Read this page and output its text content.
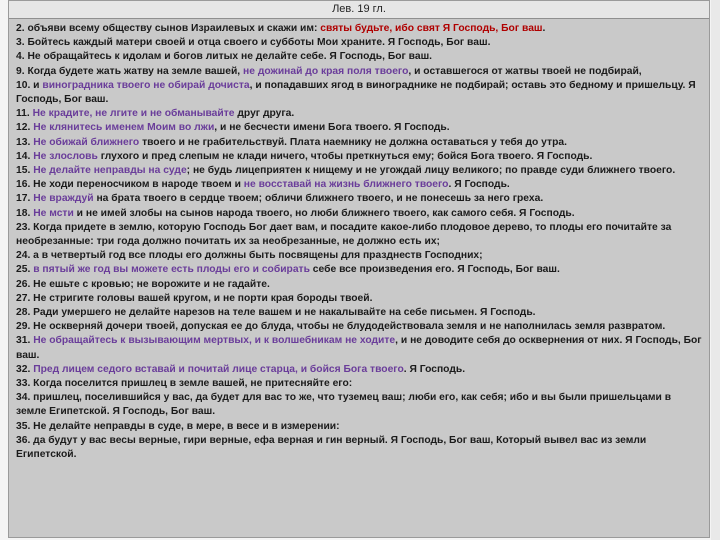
Лев. 19 гл.

2. объяви всему обществу сынов Израилевых и скажи им: святы будьте, ибо свят Я Господь, Бог ваш.

3. Бойтесь каждый матери своей и отца своего и субботы Мои храните. Я Господь, Бог ваш.

4. Не обращайтесь к идолам и богов литых не делайте себе. Я Господь, Бог ваш.

9. Когда будете жать жатву на земле вашей, не дожинай до края поля твоего, и оставшегося от жатвы твоей не подбирай,

10. и виноградника твоего не обирай дочиста, и попадавших ягод в винограднике не подбирай; оставь это бедному и пришельцу. Я Господь, Бог ваш.

11. Не крадите, не лгите и не обманывайте друг друга.

12. Не клянитесь именем Моим во лжи, и не бесчести имени Бога твоего. Я Господь.

13. Не обижай ближнего твоего и не грабительствуй. Плата наемнику не должна оставаться у тебя до утра.

14. Не злословь глухого и пред слепым не клади ничего, чтобы преткнуться ему; бойся Бога твоего. Я Господь.

15. Не делайте неправды на суде; не будь лицеприятен к нищему и не угождай лицу великого; по правде суди ближнего твоего.

16. Не ходи переносчиком в народе твоем и не восставай на жизнь ближнего твоего. Я Господь.

17. Не враждуй на брата твоего в сердце твоем; обличи ближнего твоего, и не понесешь за него греха.

18. Не мсти и не имей злобы на сынов народа твоего, но люби ближнего твоего, как самого себя. Я Господь.

23. Когда придете в землю, которую Господь Бог дает вам, и посадите какое-либо плодовое дерево, то плоды его почитайте за необрезанные: три года должно почитать их за необрезанные, не должно есть их;

24. а в четвертый год все плоды его должны быть посвящены для празднеств Господних;

25. в пятый же год вы можете есть плоды его и собирать себе все произведения его. Я Господь, Бог ваш.

26. Не ешьте с кровью; не ворожите и не гадайте.

27. Не стригите головы вашей кругом, и не порти края бороды твоей.

28. Ради умершего не делайте нарезов на теле вашем и не накалывайте на себе письмен. Я Господь.

29. Не оскверняй дочери твоей, допуская ее до блуда, чтобы не блудодействовала земля и не наполнилась земля развратом.

31. Не обращайтесь к вызывающим мертвых, и к волшебникам не ходите, и не доводите себя до осквернения от них. Я Господь, Бог ваш.

32. Пред лицем седого вставай и почитай лице старца, и бойся Бога твоего. Я Господь.

33. Когда поселится пришлец в земле вашей, не притесняйте его:

34. пришлец, поселившийся у вас, да будет для вас то же, что туземец ваш; люби его, как себя; ибо и вы были пришельцами в земле Египетской. Я Господь, Бог ваш.

35. Не делайте неправды в суде, в мере, в весе и в измерении:

36. да будут у вас весы верные, гири верные, ефа верная и гин верный. Я Господь, Бог ваш, Который вывел вас из земли Египетской.
